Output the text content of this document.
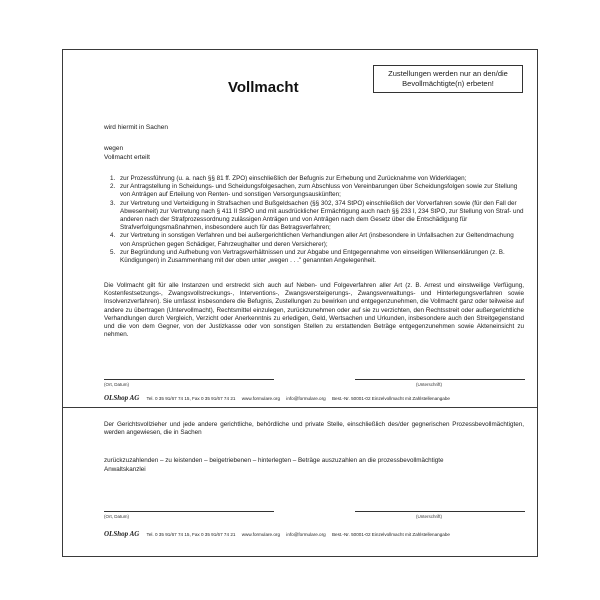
Vollmacht
Zustellungen werden nur an den/die
Bevollmächtigte(n) erbeten!
wird hiermit in Sachen
wegen
Vollmacht erteilt
1. zur Prozessführung (u. a. nach §§ 81 ff. ZPO) einschließlich der Befugnis zur Erhebung und Zurücknahme von Widerklagen;
2. zur Antragstellung in Scheidungs- und Scheidungsfolgesachen, zum Abschluss von Vereinbarungen über Scheidungsfolgen sowie zur Stellung von Anträgen auf Erteilung von Renten- und sonstigen Versorgungsauskünften;
3. zur Vertretung und Verteidigung in Strafsachen und Bußgeldsachen (§§ 302, 374 StPO) einschließlich der Vorverfahren sowie (für den Fall der Abwesenheit) zur Vertretung nach § 411 II StPO und mit ausdrücklicher Ermächtigung auch nach §§ 233 I, 234 StPO, zur Stellung von Straf- und anderen nach der Strafprozessordnung zulässigen Anträgen und von Anträgen nach dem Gesetz über die Entschädigung für Strafverfolgungsmaßnahmen, insbesondere auch für das Betragsverfahren;
4. zur Vertretung in sonstigen Verfahren und bei außergerichtlichen Verhandlungen aller Art (insbesondere in Unfallsachen zur Geltendmachung von Ansprüchen gegen Schädiger, Fahrzeughalter und deren Versicherer);
5. zur Begründung und Aufhebung von Vertragsverhältnissen und zur Abgabe und Entgegennahme von einseitigen Willenserklärungen (z. B. Kündigungen) in Zusammenhang mit der oben unter „wegen . . ." genannten Angelegenheit.

Die Vollmacht gilt für alle Instanzen und erstreckt sich auch auf Neben- und Folgeverfahren aller Art (z. B. Arrest und einstweilige Verfügung, Kostenfestsetzungs-, Zwangsvollstreckungs-, Interventions-, Zwangsversteigerungs-, Zwangsverwaltungs- und Hinterlegungsverfahren sowie Insolvenzverfahren). Sie umfasst insbesondere die Befugnis, Zustellungen zu bewirken und entgegenzunehmen, die Vollmacht ganz oder teilweise auf andere zu übertragen (Untervollmacht), Rechtsmittel einzulegen, zurückzunehmen oder auf sie zu verzichten, den Rechtsstreit oder außergerichtliche Verhandlungen durch Vergleich, Verzicht oder Anerkenntnis zu erledigen, Geld, Wertsachen und Urkunden, insbesondere auch den Streitgegenstand und die von dem Gegner, von der Justizkasse oder von sonstigen Stellen zu erstattenden Beträge entgegenzunehmen sowie Akteneinsicht zu nehmen.

(Ort, Datum)	(Unterschrift)
OLShop AG Tel. 0 35 91/67 74 15, Fax 0 35 91/67 74 21 www.formulare.org info@formulare.org Best.-Nr. 50001-02 Einzelvollmacht mit Zahlstellenangabe

Der Gerichtsvollzieher und jede andere gerichtliche, behördliche und private Stelle, einschließlich des/der gegnerischen Prozessbevollmächtigten, werden angewiesen, die in Sachen

zurückzuzahlenden – zu leistenden – beigetriebenen – hinterlegten – Beträge auszuzahlen an die prozessbevollmächtigte
Anwaltskanzlei
(Ort, Datum)	(Unterschrift)
OLShop AG Tel. 0 35 91/67 74 15, Fax 0 35 91/67 74 21 www.formulare.org info@formulare.org Best.-Nr. 50001-02 Einzelvollmacht mit Zahlstellenangabe
